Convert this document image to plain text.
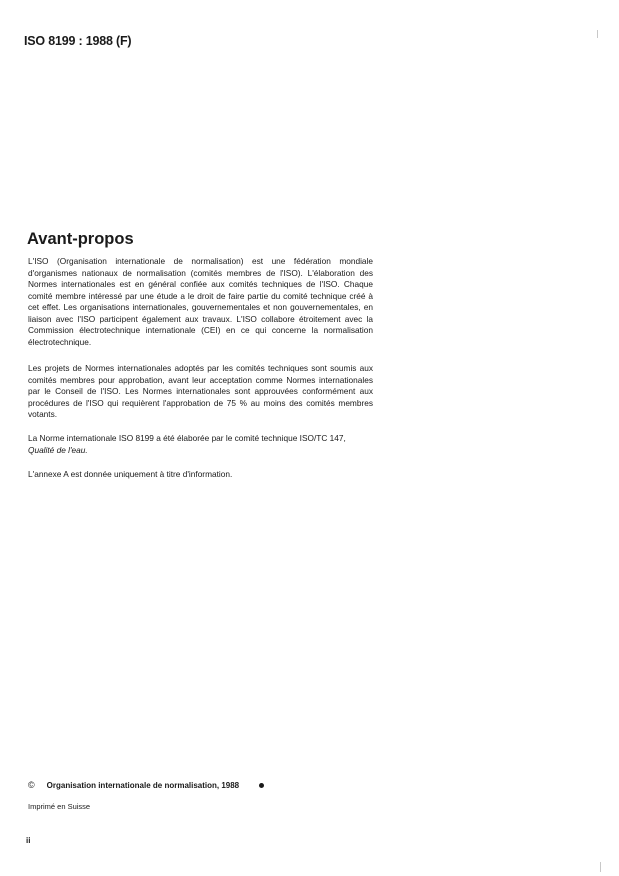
ISO 8199 : 1988 (F)
Avant-propos

L'ISO (Organisation internationale de normalisation) est une fédération mondiale d'organismes nationaux de normalisation (comités membres de l'ISO). L'élaboration des Normes internationales est en général confiée aux comités techniques de l'ISO. Chaque comité membre intéressé par une étude a le droit de faire partie du comité technique créé à cet effet. Les organisations internationales, gouvernementales et non gouvernementales, en liaison avec l'ISO participent également aux travaux. L'ISO collabore étroitement avec la Commission électrotechnique internationale (CEI) en ce qui concerne la normalisation électrotechnique.

Les projets de Normes internationales adoptés par les comités techniques sont soumis aux comités membres pour approbation, avant leur acceptation comme Normes internationales par le Conseil de l'ISO. Les Normes internationales sont approuvées conformément aux procédures de l'ISO qui requièrent l'approbation de 75 % au moins des comités membres votants.

La Norme internationale ISO 8199 a été élaborée par le comité technique ISO/TC 147,
Qualité de l'eau.

L'annexe A est donnée uniquement à titre d'information.

© Organisation internationale de normalisation, 1988
Imprimé en Suisse
ii
